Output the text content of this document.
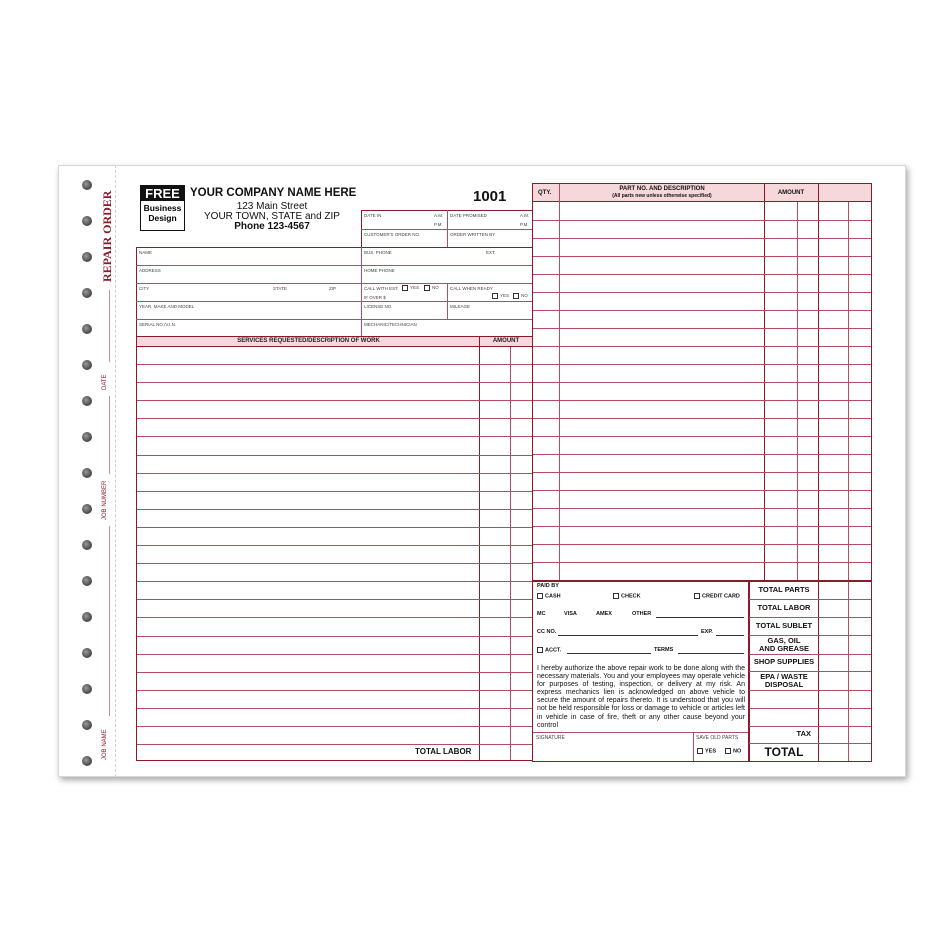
REPAIR ORDER
DATE
JOB NUMBER
JOB NAME
FREE
Business
Design
YOUR COMPANY NAME HERE
123 Main Street
YOUR TOWN, STATE and ZIP
Phone 123-4567
1001
DATE IN	A.M.
P.M.
DATE PROMISED	A.M.
P.M.
CUSTOMER'S ORDER NO.	ORDER WRITTEN BY
NAME	BUS. PHONE	EXT.
ADDRESS	HOME PHONE
CITY	STATE	ZIP	CALL WITH EST.	YES	NO
IF OVER $
CALL WHEN READY
YES	NO
YEAR, MAKE AND MODEL	LICENSE NO.	MILEAGE
SERIAL NO./V.I.N.	MECHANIC/TECHNICIAN
SERVICES REQUESTED/DESCRIPTION OF WORK	AMOUNT
TOTAL LABOR
QTY.
PART NO. AND DESCRIPTION
(All parts new unless otherwise specified)	AMOUNT
PAID BY
CASH	CHECK	CREDIT CARD
MC	VISA	AMEX	OTHER
CC NO.	EXP.
ACCT.	TERMS
I hereby authorize the above repair work to be done along with the necessary materials. You and your employees may operate vehicle for purposes of testing, inspection, or delivery at my risk. An express mechanics lien is acknowledged on above vehicle to secure the amount of repairs thereto. It is understood that you will not be held responsible for loss or damage to vehicle or articles left in vehicle in case of fire, theft or any other cause beyond your control
SIGNATURE	SAVE OLD PARTS
YES	NO
TOTAL PARTS
TOTAL LABOR
TOTAL SUBLET
GAS, OIL
AND GREASE
SHOP SUPPLIES
EPA / WASTE
DISPOSAL
TAX
TOTAL
